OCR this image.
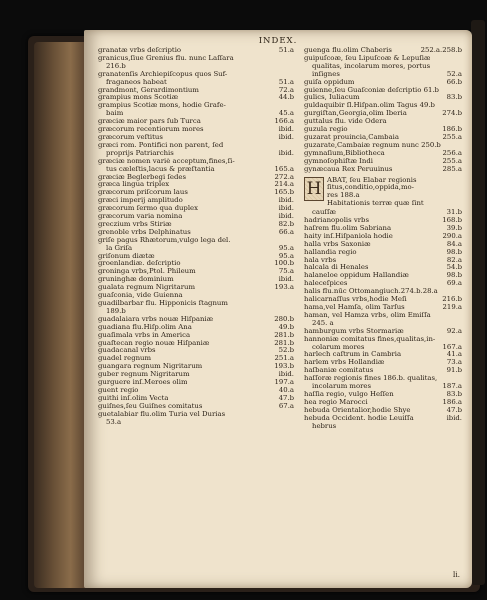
INDEX.
granatæ vrbs deſcriptio	51.a
granicus,ſiue Grenius flu. nunc Laſſara
216.b
granatenſis Archiepiſcopus quos Suf-
fraganeos habeat	51.a
grandmont, Gerardimontium	72.a
grampius mons Scotiæ	44.b
grampius Scotiæ mons, hodie Grafe-
baim	45.a
græciæ maior pars ſub Turca	166.a
græcorum recentiorum mores	ibid.
græcorum veſtitus	ibid.
græci rom. Pontifici non parent, ſed
proprijs Patriarchis	ibid.
græciæ nomen variè acceptum,fines,ſi-
tus cæleſtis,lacus & præſtantia	165.a
græciæ Beglerbegi ſedes	272.a
græca lingua triplex	214.a
græcorum priſcorum laus	165.b
græci imperij amplitudo	ibid.
græcorum ſermo qua duplex	ibid.
græcorum varia nomina	ibid.
greczium vrbs Stiriæ	82.b
grenoble vrbs Delphinatus	66.a
griſe pagus Rhætorum,vulgo lega del.
la Griſa	95.a
griſonum diætæ	95.a
groenlandiæ. deſcriptio	100.b
groninga vrbs,Ptol. Phileum	75.a
gruninghæ dominium	ibid.
gualata regnum Nigritarum	193.a
guaſconia, vide Guienna
guadilbarbar flu. Hipponicis ſtagnum
189.b
guadalaiara vrbs nouæ Hiſpaniæ	280.b
guadiana flu.Hiſp.olim Ana	49.b
guaſimala vrbs in America	281.b
guaſtecan regio nouæ Hiſpaniæ	281.b
guadacanal vrbs	52.b
guadel regnum	251.a
guangara regnum Nigritarum	193.b
guber regnum Nigritarum	ibid.
gurguere inſ.Meroes olim	197.a
guent regio	40.a
guithi inſ.olim Vecta	47.b
guiſnes,ſeu Guiſnes comitatus	67.a
guetalabiar flu.olim Turia vel Durias
53.a
guenga flu.olim Chaberis	252.a.258.b
guipuſcoæ, ſeu Lipuſcoæ & Lepuſiæ
qualitas, incolarum mores, portus
inſignes	52.a
guiſa oppidum	66.b
guienne,ſeu Guaſconiæ deſcriptio 61.b
gulics, Iuliacum	83.b
guldaquibir ſl.Hiſpan.olim Tagus 49.b
gurgiſtan,Georgia,olim Iberia	274.b
guttalus flu. vide Odera
guzula regio	186.b
guzarat prouincia,Cambaia	255.a
guzarate,Cambaiæ regnum nunc 250.b
gymnaſium,Bibliotheca	256.a
gymnoſophiſtæ Indi	255.a
gynæcaua Rex Peruuinus	285.a
H ABAT, ſeu Elabar regionis
ſitus,conditio,oppida,mo-
res 188.a
Habitationis terræ quæ ſint
cauſſæ	31.b
hadrianopolis vrbs	168.b
haſrem flu.olim Sabriana	39.b
haity inſ.Hiſpaniola hodie	290.a
halla vrbs Saxoniæ	84.a
hallandia regio	98.b
hala vrbs	82.a
halcala di Henales	54.b
halaneloe oppidum Hallandiæ	98.b
haleceſpices	69.a
halis flu.nūc Ottomangiuch.274.b.28.a
halicarnaſſus vrbs,hodie Meſi	216.b
hama,vel Hamſa, olim Tarſus	219.a
haman, vel Hamza vrbs, olim Emiſſa
245. a
hamburgum vrbs Stormariæ	92.a
hannoniæ comitatus fines,qualitas,in-
colarum mores	167.a
harlech caſtrum in Cambria	41.a
harlem vrbs Hollandiæ	73.a
haſbaniæ comitatus	91.b
haſſoræ regionis fines 186.b. qualitas,
incolarum mores	187.a
haſſia regio, vulgo Heſſen	83.b
hea regio Marocci	186.a
hebuda Orientalior,hodie Shye	47.b
hebuda Occident. hodie Leuiſſa	ibid.
hebrus
Ii.
